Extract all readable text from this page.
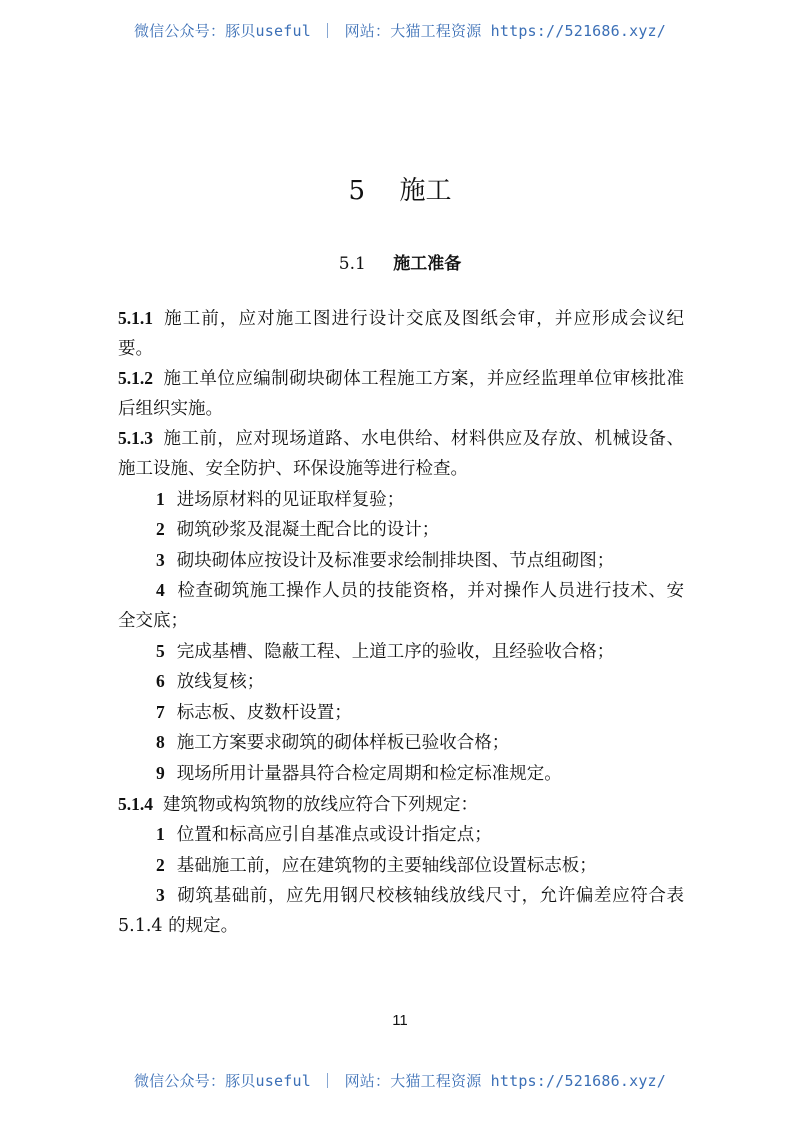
微信公众号：豚贝useful ｜ 网站：大猫工程资源 https://521686.xyz/
5 施工
5.1 施工准备

5.1.1 施工前，应对施工图进行设计交底及图纸会审，并应形成会议纪要。

5.1.2 施工单位应编制砌块砌体工程施工方案，并应经监理单位审核批准后组织实施。

5.1.3 施工前，应对现场道路、水电供给、材料供应及存放、机械设备、施工设施、安全防护、环保设施等进行检查。

1 进场原材料的见证取样复验；

2 砌筑砂浆及混凝土配合比的设计；

3 砌块砌体应按设计及标准要求绘制排块图、节点组砌图；

4 检查砌筑施工操作人员的技能资格，并对操作人员进行技术、安全交底；

5 完成基槽、隐蔽工程、上道工序的验收，且经验收合格；

6 放线复核；

7 标志板、皮数杆设置；

8 施工方案要求砌筑的砌体样板已验收合格；

9 现场所用计量器具符合检定周期和检定标准规定。

5.1.4 建筑物或构筑物的放线应符合下列规定：

1 位置和标高应引自基准点或设计指定点；

2 基础施工前，应在建筑物的主要轴线部位设置标志板；

3 砌筑基础前，应先用钢尺校核轴线放线尺寸，允许偏差应符合表 5.1.4 的规定。

11
微信公众号：豚贝useful ｜ 网站：大猫工程资源 https://521686.xyz/
